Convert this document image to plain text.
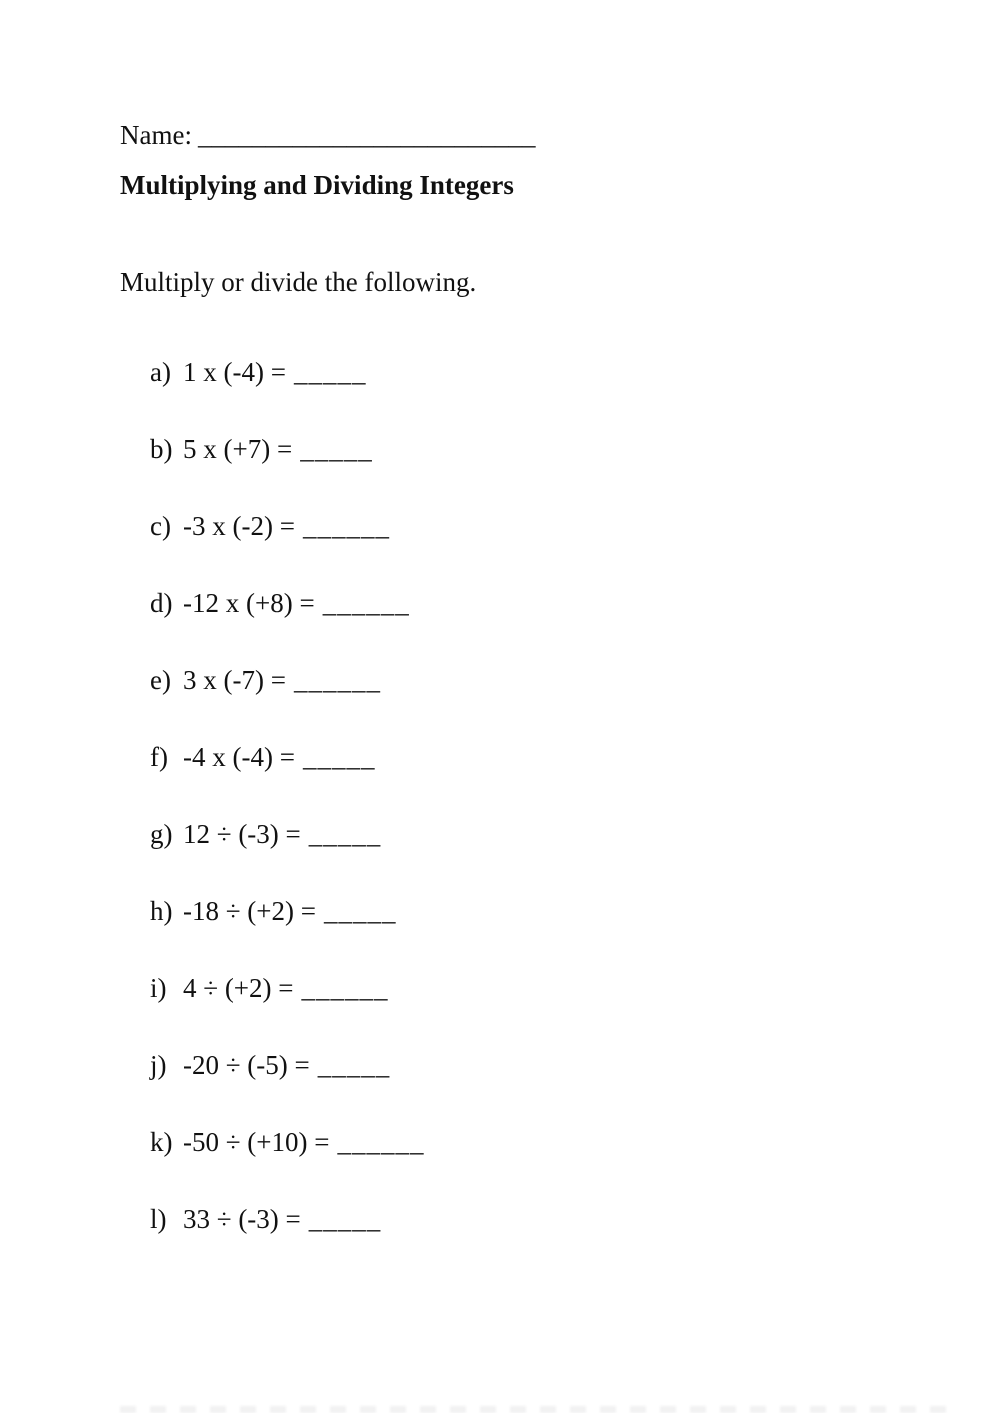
Name: _________________________
Multiplying and Dividing Integers
Multiply or divide the following.
a) 1 x (-4) = _____
b) 5 x (+7) = _____
c) -3 x (-2) = ______
d) -12 x (+8) = ______
e) 3 x (-7) = ______
f) -4 x (-4) = _____
g) 12 ÷ (-3) = _____
h) -18 ÷ (+2) = _____
i) 4 ÷ (+2) = ______
j) -20 ÷ (-5) = _____
k) -50 ÷ (+10) = ______
l) 33 ÷ (-3) = _____
